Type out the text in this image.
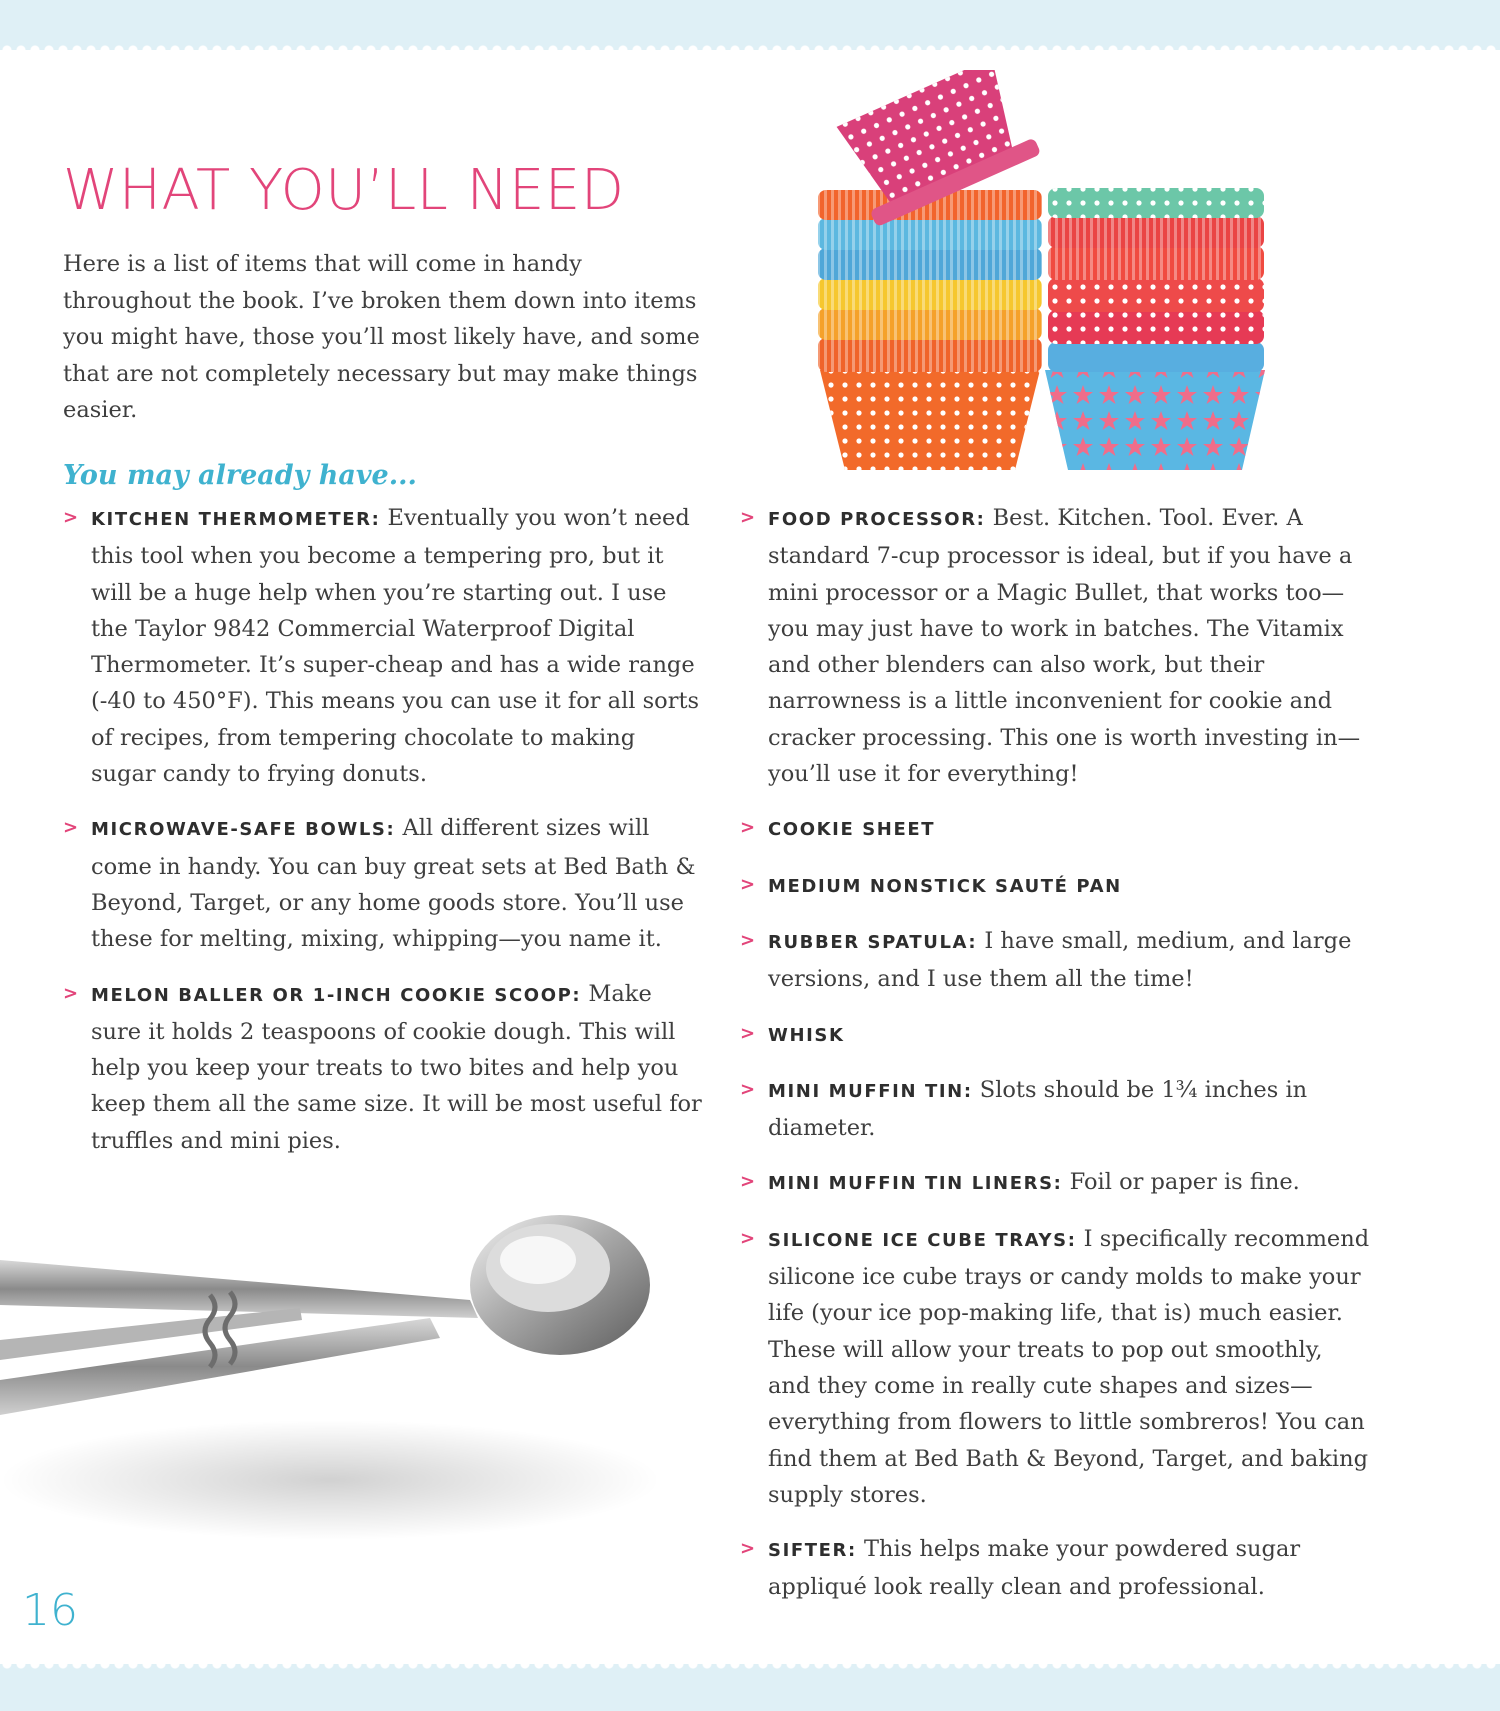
WHAT YOU’LL NEED

Here is a list of items that will come in handy throughout the book. I’ve broken them down into items you might have, those you’ll most likely have, and some that are not completely necessary but may make things easier.

You may already have...
> KITCHEN THERMOMETER: Eventually you won’t need this tool when you become a tempering pro, but it will be a huge help when you’re starting out. I use the Taylor 9842 Commercial Waterproof Digital Thermometer. It’s super-cheap and has a wide range (-40 to 450°F). This means you can use it for all sorts of recipes, from tempering chocolate to making sugar candy to frying donuts.
> MICROWAVE-SAFE BOWLS: All different sizes will come in handy. You can buy great sets at Bed Bath & Beyond, Target, or any home goods store. You’ll use these for melting, mixing, whipping—you name it.
> MELON BALLER OR 1-INCH COOKIE SCOOP: Make sure it holds 2 teaspoons of cookie dough. This will help you keep your treats to two bites and help you keep them all the same size. It will be most useful for truffles and mini pies.
> FOOD PROCESSOR: Best. Kitchen. Tool. Ever. A standard 7-cup processor is ideal, but if you have a mini processor or a Magic Bullet, that works too—you may just have to work in batches. The Vitamix and other blenders can also work, but their narrowness is a little inconvenient for cookie and cracker processing. This one is worth investing in—you’ll use it for everything!
> COOKIE SHEET
> MEDIUM NONSTICK SAUTÉ PAN
> RUBBER SPATULA: I have small, medium, and large versions, and I use them all the time!
> WHISK
> MINI MUFFIN TIN: Slots should be 1¾ inches in diameter.
> MINI MUFFIN TIN LINERS: Foil or paper is fine.
> SILICONE ICE CUBE TRAYS: I specifically recommend silicone ice cube trays or candy molds to make your life (your ice pop-making life, that is) much easier. These will allow your treats to pop out smoothly, and they come in really cute shapes and sizes—everything from flowers to little sombreros! You can find them at Bed Bath & Beyond, Target, and baking supply stores.
> SIFTER: This helps make your powdered sugar appliqué look really clean and professional.
16
